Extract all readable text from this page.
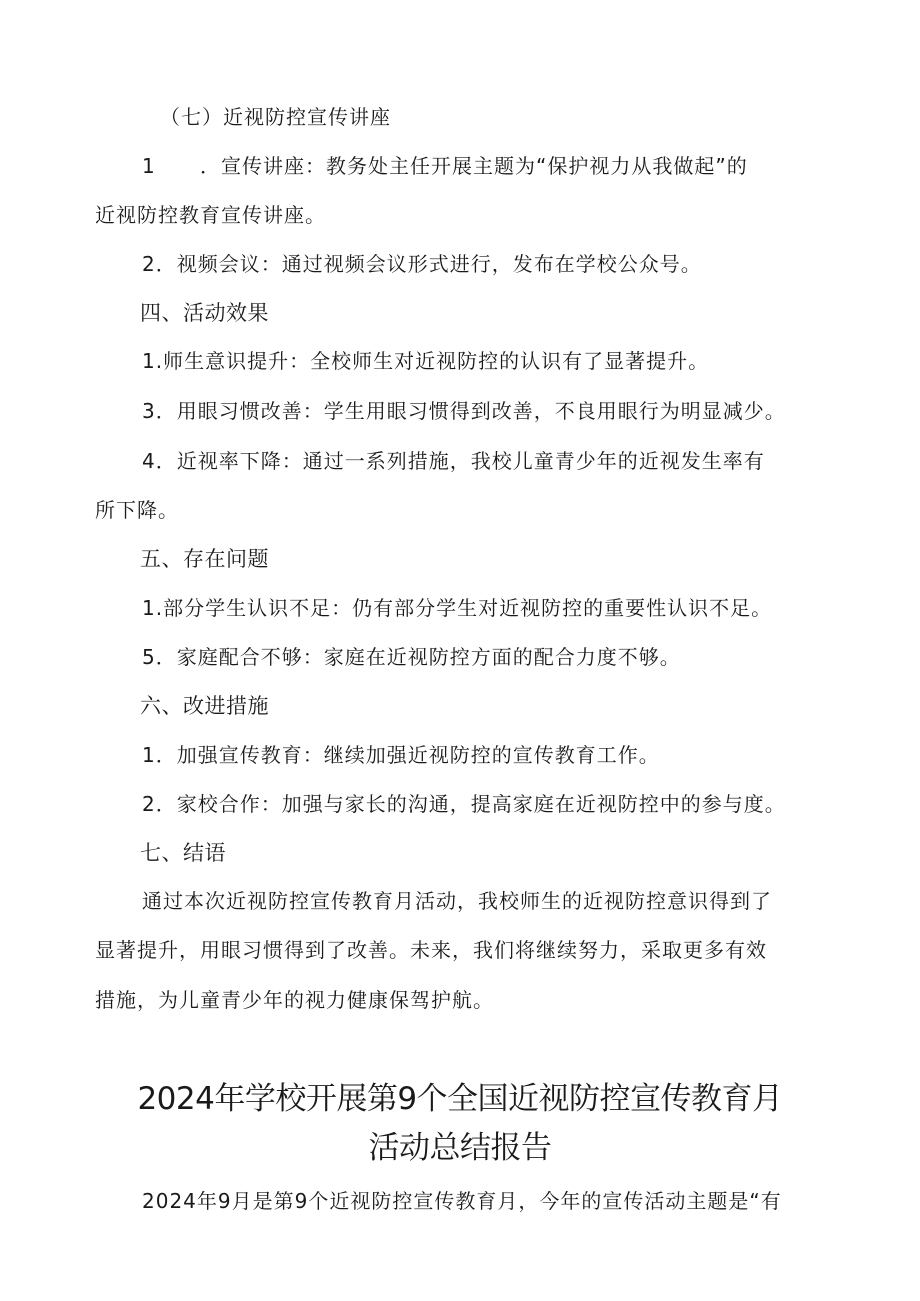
（七）近视防控宣传讲座
1 ．宣传讲座：教务处主任开展主题为“保护视力从我做起”的
近视防控教育宣传讲座。
2．视频会议：通过视频会议形式进行，发布在学校公众号。
四、活动效果
1.师生意识提升：全校师生对近视防控的认识有了显著提升。
3．用眼习惯改善：学生用眼习惯得到改善，不良用眼行为明显减少。
4．近视率下降：通过一系列措施，我校儿童青少年的近视发生率有
所下降。
五、存在问题
1.部分学生认识不足：仍有部分学生对近视防控的重要性认识不足。
5．家庭配合不够：家庭在近视防控方面的配合力度不够。
六、改进措施
1．加强宣传教育：继续加强近视防控的宣传教育工作。
2．家校合作：加强与家长的沟通，提高家庭在近视防控中的参与度。
七、结语
通过本次近视防控宣传教育月活动，我校师生的近视防控意识得到了
显著提升，用眼习惯得到了改善。未来，我们将继续努力，采取更多有效
措施，为儿童青少年的视力健康保驾护航。
2024年学校开展第9个全国近视防控宣传教育月
活动总结报告
2024年9月是第9个近视防控宣传教育月，今年的宣传活动主题是“有
